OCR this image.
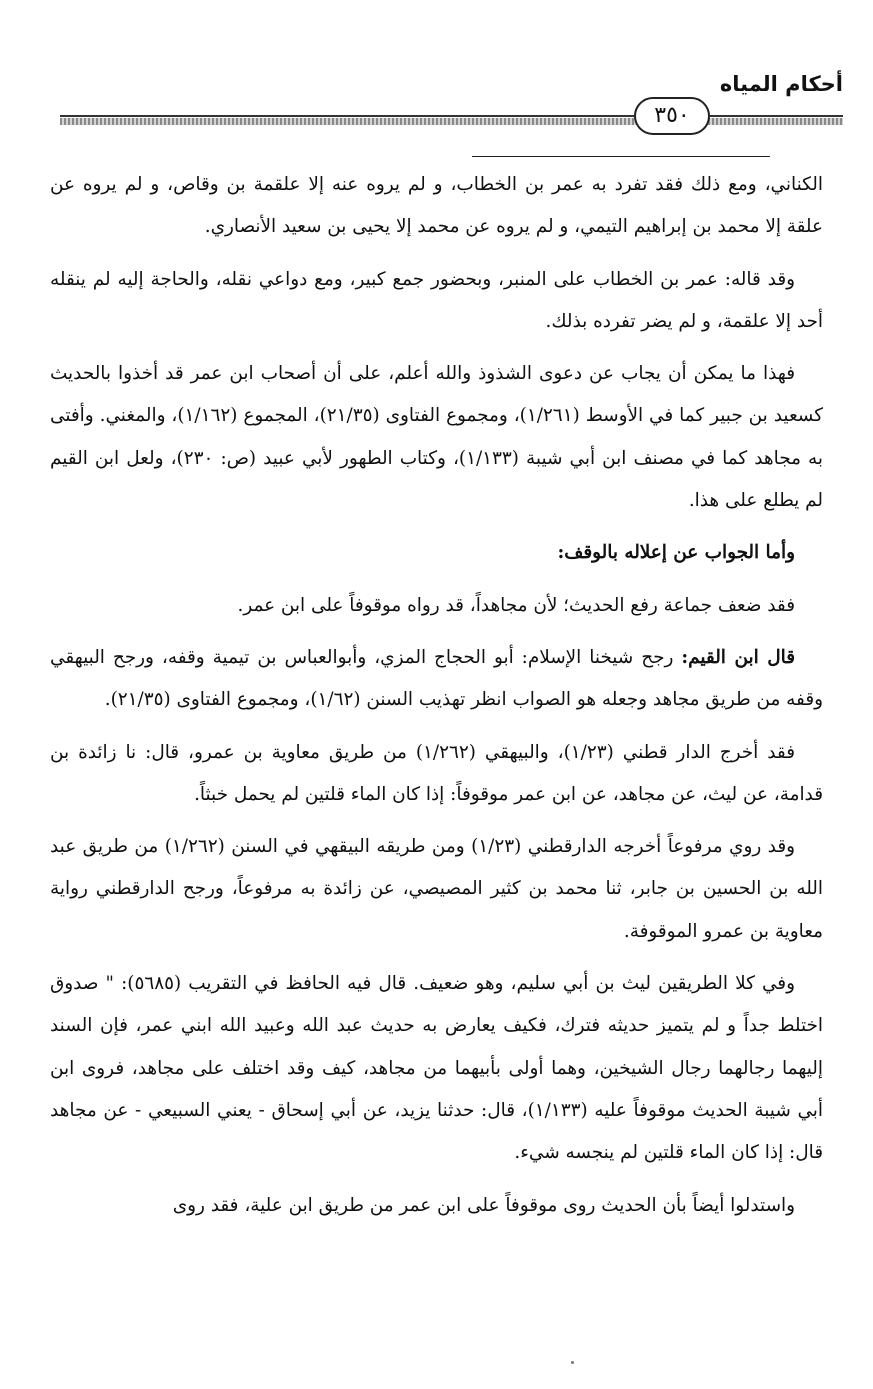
أحكام المياه
٣٥٠

الكناني، ومع ذلك فقد تفرد به عمر بن الخطاب، و لم يروه عنه إلا علقمة بن وقاص، و لم يروه عن علقة إلا محمد بن إبراهيم التيمي، و لم يروه عن محمد إلا يحيى بن سعيد الأنصاري.

وقد قاله: عمر بن الخطاب على المنبر، وبحضور جمع كبير، ومع دواعي نقله، والحاجة إليه لم ينقله أحد إلا علقمة، و لم يضر تفرده بذلك.

فهذا ما يمكن أن يجاب عن دعوى الشذوذ والله أعلم، على أن أصحاب ابن عمر قد أخذوا بالحديث كسعيد بن جبير كما في الأوسط (١/٢٦١)، ومجموع الفتاوى (٢١/٣٥)، المجموع (١/١٦٢)، والمغني. وأفتى به مجاهد كما في مصنف ابن أبي شيبة (١/١٣٣)، وكتاب الطهور لأبي عبيد (ص: ٢٣٠)، ولعل ابن القيم لم يطلع على هذا.

وأما الجواب عن إعلاله بالوقف:

فقد ضعف جماعة رفع الحديث؛ لأن مجاهداً، قد رواه موقوفاً على ابن عمر.

قال ابن القيم: رجح شيخنا الإسلام: أبو الحجاج المزي، وأبوالعباس بن تيمية وقفه، ورجح البيهقي وقفه من طريق مجاهد وجعله هو الصواب انظر تهذيب السنن (١/٦٢)، ومجموع الفتاوى (٢١/٣٥).

فقد أخرج الدار قطني (١/٢٣)، والبيهقي (١/٢٦٢) من طريق معاوية بن عمرو، قال: نا زائدة بن قدامة، عن ليث، عن مجاهد، عن ابن عمر موقوفاً: إذا كان الماء قلتين لم يحمل خبثاً.

وقد روي مرفوعاً أخرجه الدارقطني (١/٢٣) ومن طريقه البيقهي في السنن (١/٢٦٢) من طريق عبد الله بن الحسين بن جابر، ثنا محمد بن كثير المصيصي، عن زائدة به مرفوعاً، ورجح الدارقطني رواية معاوية بن عمرو الموقوفة.

وفي كلا الطريقين ليث بن أبي سليم، وهو ضعيف. قال فيه الحافظ في التقريب (٥٦٨٥): " صدوق اختلط جداً و لم يتميز حديثه فترك، فكيف يعارض به حديث عبد الله وعبيد الله ابني عمر، فإن السند إليهما رجالهما رجال الشيخين، وهما أولى بأبيهما من مجاهد، كيف وقد اختلف على مجاهد، فروى ابن أبي شيبة الحديث موقوفاً عليه (١/١٣٣)، قال: حدثنا يزيد، عن أبي إسحاق - يعني السبيعي - عن مجاهد قال: إذا كان الماء قلتين لم ينجسه شيء.

واستدلوا أيضاً بأن الحديث روى موقوفاً على ابن عمر من طريق ابن علية، فقد روى
